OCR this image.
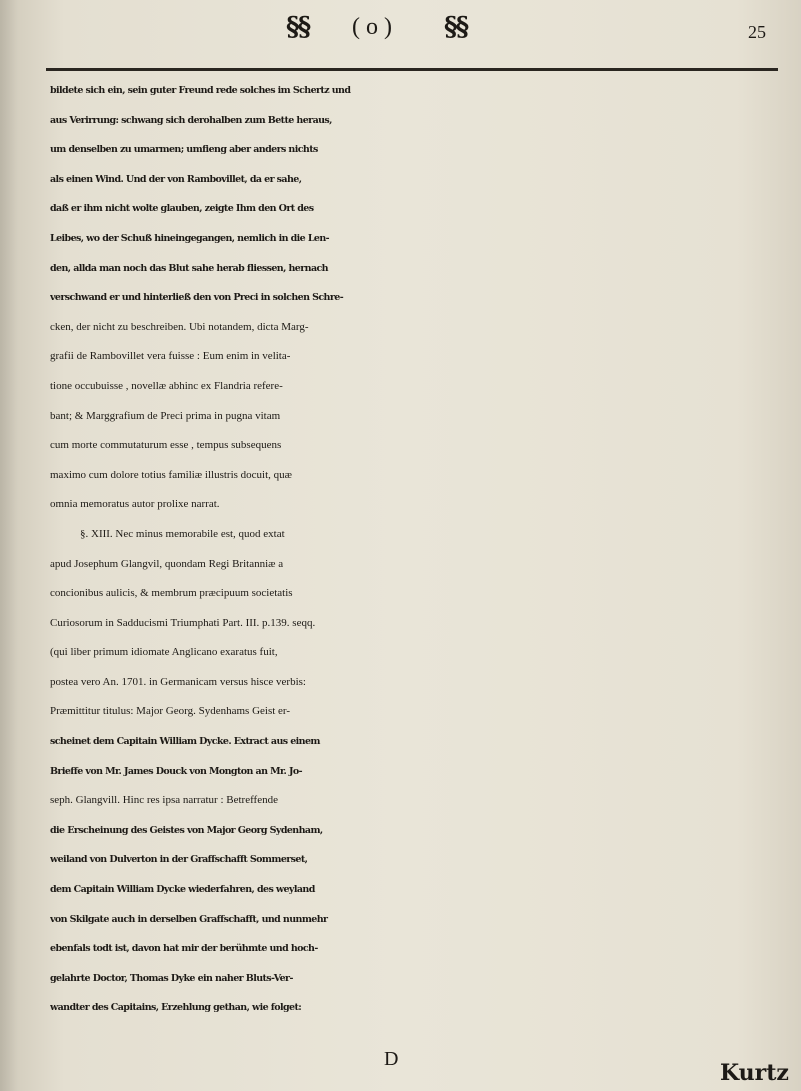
§§ ( o ) §§	25
bildete sich ein, sein guter Freund rede solches im Schertz und
aus Verirrung: schwang sich derohalben zum Bette heraus,
um denselben zu umarmen; umfieng aber anders nichts
als einen Wind. Und der von Rambovillet, da er sahe,
daß er ihm nicht wolte glauben, zeigte Ihm den Ort des
Leibes, wo der Schuß hineingegangen, nemlich in die Len-
den, allda man noch das Blut sahe herab fliessen, hernach
verschwand er und hinterließ den von Preci in solchen Schre-
cken, der nicht zu beschreiben. Ubi notandem, dicta Marg-
grafii de Rambovillet vera fuisse : Eum enim in velita-
tione occubuisse , novellæ abhinc ex Flandria refere-
bant; & Marggrafium de Preci prima in pugna vitam
cum morte commutaturum esse , tempus subsequens
maximo cum dolore totius familiæ illustris docuit, quæ
omnia memoratus autor prolixe narrat.
§. XIII. Nec minus memorabile est, quod extat
apud Josephum Glangvil, quondam Regi Britanniæ a
concionibus aulicis, & membrum præcipuum societatis
Curiosorum in Sadducismi Triumphati Part. III. p.139. seqq.
(qui liber primum idiomate Anglicano exaratus fuit,
postea vero An. 1701. in Germanicam versus hisce verbis:
Præmittitur titulus: Major Georg. Sydenhams Geist er-
scheinet dem Capitain William Dycke. Extract aus einem
Brieffe von Mr. James Douck von Mongton an Mr. Jo-
seph. Glangvill. Hinc res ipsa narratur : Betreffende
die Erscheinung des Geistes von Major Georg Sydenham,
weiland von Dulverton in der Graffschafft Sommerset,
dem Capitain William Dycke wiederfahren, des weyland
von Skilgate auch in derselben Graffschafft, und nunmehr
ebenfals todt ist, davon hat mir der berühmte und hoch-
gelahrte Doctor, Thomas Dyke ein naher Bluts-Ver-
wandter des Capitains, Erzehlung gethan, wie folget:
D
Kurtz
